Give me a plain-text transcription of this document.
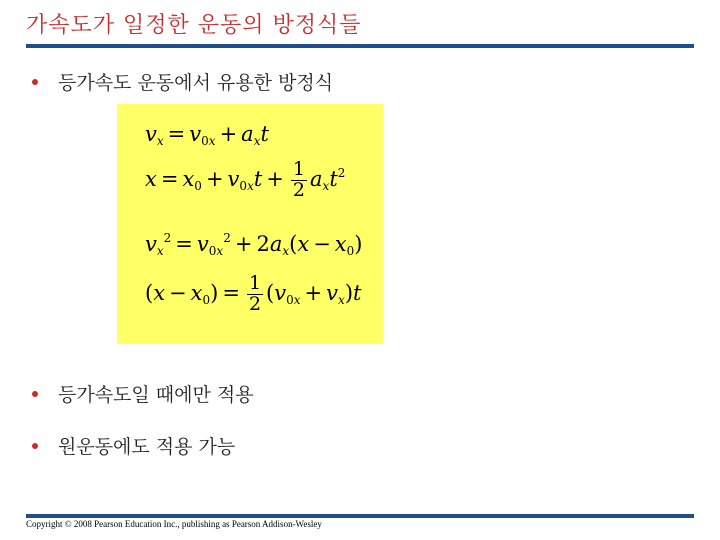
가속도가 일정한 운동의 방정식들
등가속도 운동에서 유용한 방정식
$v_x = v_{0x} + a_xt$
$x = x_0 + v_{0x}t + \frac{1}{2} a_xt^2$
$v_x^2 = v_{0x}^2 + 2a_x(x - x_0)$
$(x - x_0) = \frac{1}{2} (v_{0x} + v_x)t$
등가속도일 때에만 적용
원운동에도 적용 가능
Copyright © 2008 Pearson Education Inc., publishing as Pearson Addison-Wesley
